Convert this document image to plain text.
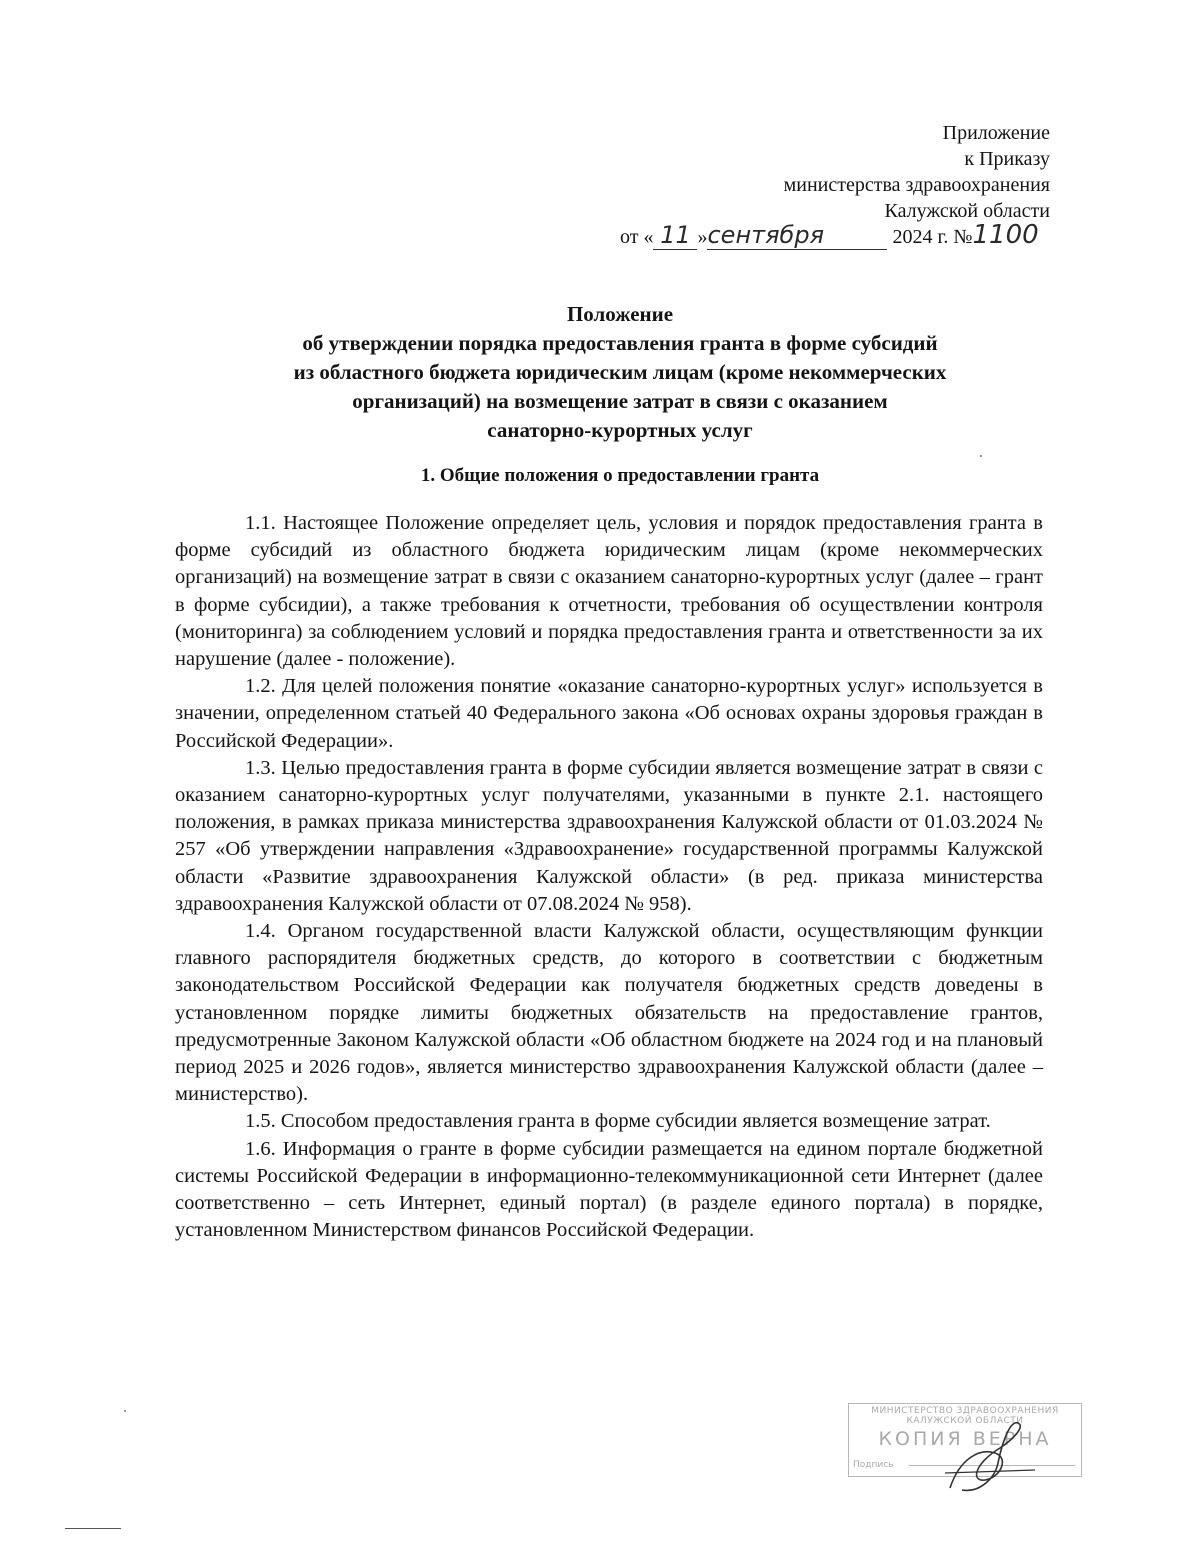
Приложение
к Приказу
министерства здравоохранения
Калужской области
от « 11 »сентября	2024 г. №1100
Положение
об утверждении порядка предоставления гранта в форме субсидий
из областного бюджета юридическим лицам (кроме некоммерческих
организаций) на возмещение затрат в связи с оказанием
санаторно-курортных услуг
1. Общие положения о предоставлении гранта

1.1. Настоящее Положение определяет цель, условия и порядок предоставления гранта в форме субсидий из областного бюджета юридическим лицам (кроме некоммерческих организаций) на возмещение затрат в связи с оказанием санаторно-курортных услуг (далее – грант в форме субсидии), а также требования к отчетности, требования об осуществлении контроля (мониторинга) за соблюдением условий и порядка предоставления гранта и ответственности за их нарушение (далее - положение).

1.2. Для целей положения понятие «оказание санаторно-курортных услуг» используется в значении, определенном статьей 40 Федерального закона «Об основах охраны здоровья граждан в Российской Федерации».

1.3. Целью предоставления гранта в форме субсидии является возмещение затрат в связи с оказанием санаторно-курортных услуг получателями, указанными в пункте 2.1. настоящего положения, в рамках приказа министерства здравоохранения Калужской области от 01.03.2024 № 257 «Об утверждении направления «Здравоохранение» государственной программы Калужской области «Развитие здравоохранения Калужской области» (в ред. приказа министерства здравоохранения Калужской области от 07.08.2024 № 958).

1.4. Органом государственной власти Калужской области, осуществляющим функции главного распорядителя бюджетных средств, до которого в соответствии с бюджетным законодательством Российской Федерации как получателя бюджетных средств доведены в установленном порядке лимиты бюджетных обязательств на предоставление грантов, предусмотренные Законом Калужской области «Об областном бюджете на 2024 год и на плановый период 2025 и 2026 годов», является министерство здравоохранения Калужской области (далее – министерство).

1.5. Способом предоставления гранта в форме субсидии является возмещение затрат.

1.6. Информация о гранте в форме субсидии размещается на едином портале бюджетной системы Российской Федерации в информационно-телекоммуникационной сети Интернет (далее соответственно – сеть Интернет, единый портал) (в разделе единого портала) в порядке, установленном Министерством финансов Российской Федерации.

МИНИСТЕРСТВО ЗДРАВООХРАНЕНИЯ
КАЛУЖСКОЙ ОБЛАСТИ
КОПИЯ ВЕРНА
Подпись
